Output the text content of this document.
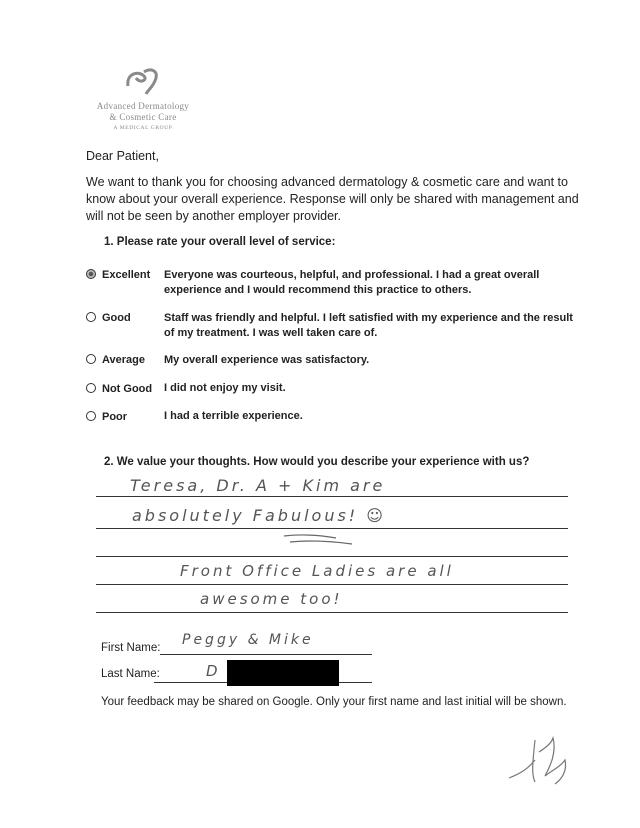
Advanced Dermatology
& Cosmetic Care
A MEDICAL GROUP
Dear Patient,
We want to thank you for choosing advanced dermatology & cosmetic care and want to know about your overall experience. Response will only be shared with management and will not be seen by another employer provider.
1. Please rate your overall level of service:
Excellent Everyone was courteous, helpful, and professional. I had a great overall experience and I would recommend this practice to others.
Good	Staff was friendly and helpful. I left satisfied with my experience and the result of my treatment. I was well taken care of.
Average My overall experience was satisfactory.
Not Good I did not enjoy my visit.
Poor	I had a terrible experience.
2. We value your thoughts. How would you describe your experience with us?
Teresa, Dr. A + Kim are
absolutely Fabulous! ☺
Front Office Ladies are all
awesome too!
First Name: Peggy & Mike
Last Name:	D
Your feedback may be shared on Google. Only your first name and last initial will be shown.
